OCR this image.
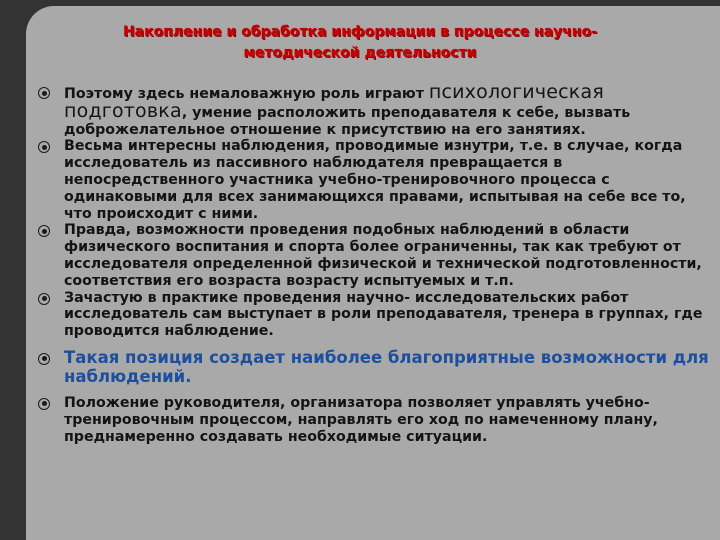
Накопление и обработка информации в процессе научно-
методической деятельности
Поэтому здесь немаловажную роль играют психологическая подготовка, умение расположить преподавателя к себе, вызвать доброжелательное отношение к присутствию на его занятиях.
Весьма интересны наблюдения, проводимые изнутри, т.е. в случае, когда исследователь из пассивного наблюдателя превращается в непосредственного участника учебно-тренировочного процесса с одинаковыми для всех занимающихся правами, испытывая на себе все то, что происходит с ними.
Правда, возможности проведения подобных наблюдений в области физического воспитания и спорта более ограниченны, так как требуют от исследователя определенной физической и технической подготовленности, соответствия его возраста возрасту испытуемых и т.п.
Зачастую в практике проведения научно- исследовательских работ исследователь сам выступает в роли преподавателя, тренера в группах, где проводится наблюдение.
Такая позиция создает наиболее благоприятные возможности для наблюдений.
Положение руководителя, организатора позволяет управлять учебно-тренировочным процессом, направлять его ход по намеченному плану, преднамеренно создавать необходимые ситуации.
